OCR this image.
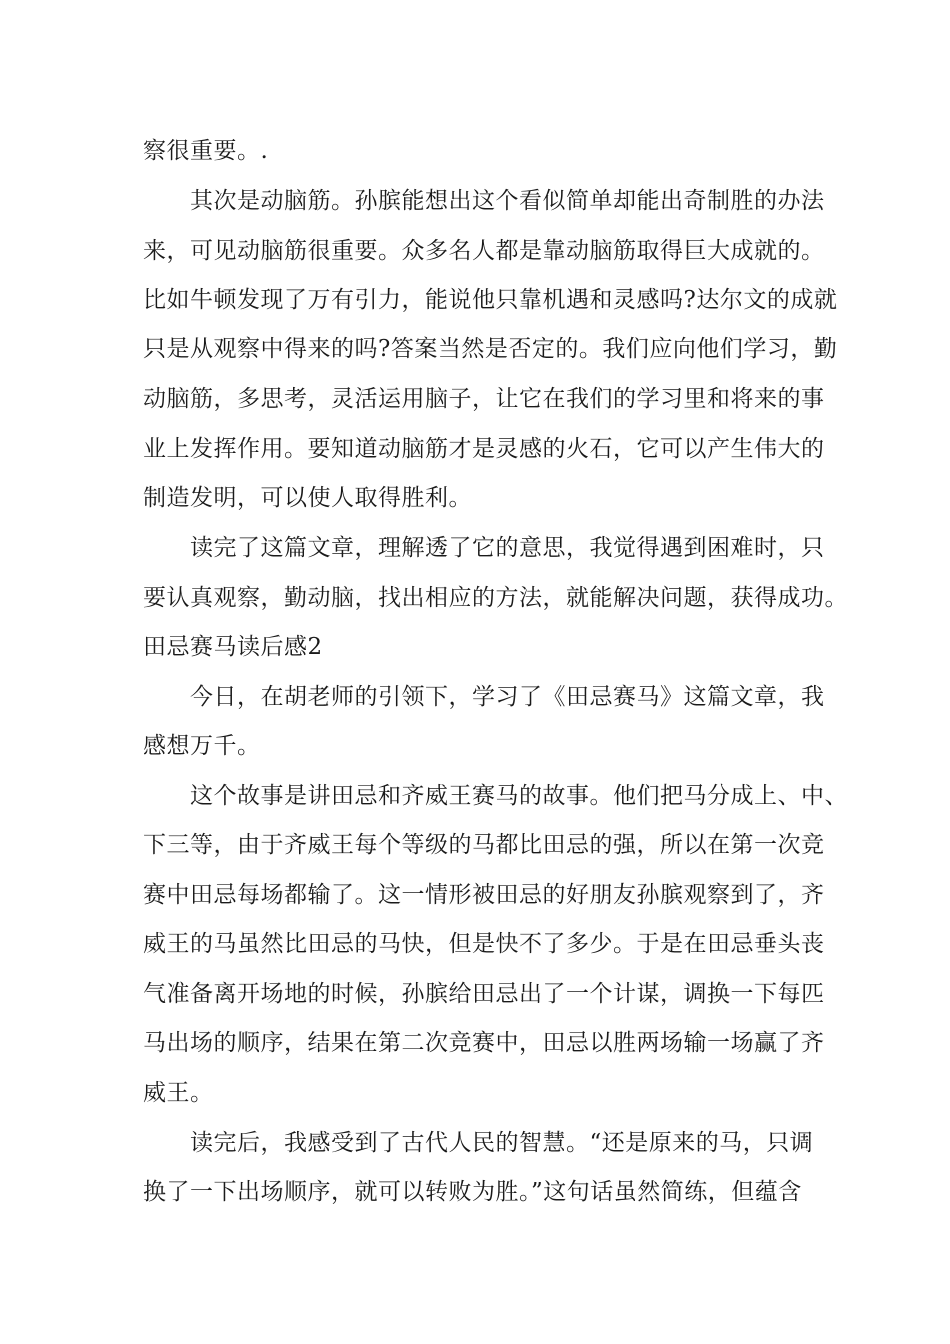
察很重要。.
其次是动脑筋。孙膑能想出这个看似简单却能出奇制胜的办法
来，可见动脑筋很重要。众多名人都是靠动脑筋取得巨大成就的。
比如牛顿发现了万有引力，能说他只靠机遇和灵感吗?达尔文的成就
只是从观察中得来的吗?答案当然是否定的。我们应向他们学习，勤
动脑筋，多思考，灵活运用脑子，让它在我们的学习里和将来的事
业上发挥作用。要知道动脑筋才是灵感的火石，它可以产生伟大的
制造发明，可以使人取得胜利。
读完了这篇文章，理解透了它的意思，我觉得遇到困难时，只
要认真观察，勤动脑，找出相应的方法，就能解决问题，获得成功。
田忌赛马读后感2
今日，在胡老师的引领下，学习了《田忌赛马》这篇文章，我
感想万千。
这个故事是讲田忌和齐威王赛马的故事。他们把马分成上、中、
下三等，由于齐威王每个等级的马都比田忌的强，所以在第一次竞
赛中田忌每场都输了。这一情形被田忌的好朋友孙膑观察到了，齐
威王的马虽然比田忌的马快，但是快不了多少。于是在田忌垂头丧
气准备离开场地的时候，孙膑给田忌出了一个计谋，调换一下每匹
马出场的顺序，结果在第二次竞赛中，田忌以胜两场输一场赢了齐
威王。
读完后，我感受到了古代人民的智慧。“还是原来的马，只调
换了一下出场顺序，就可以转败为胜。”这句话虽然简练，但蕴含
